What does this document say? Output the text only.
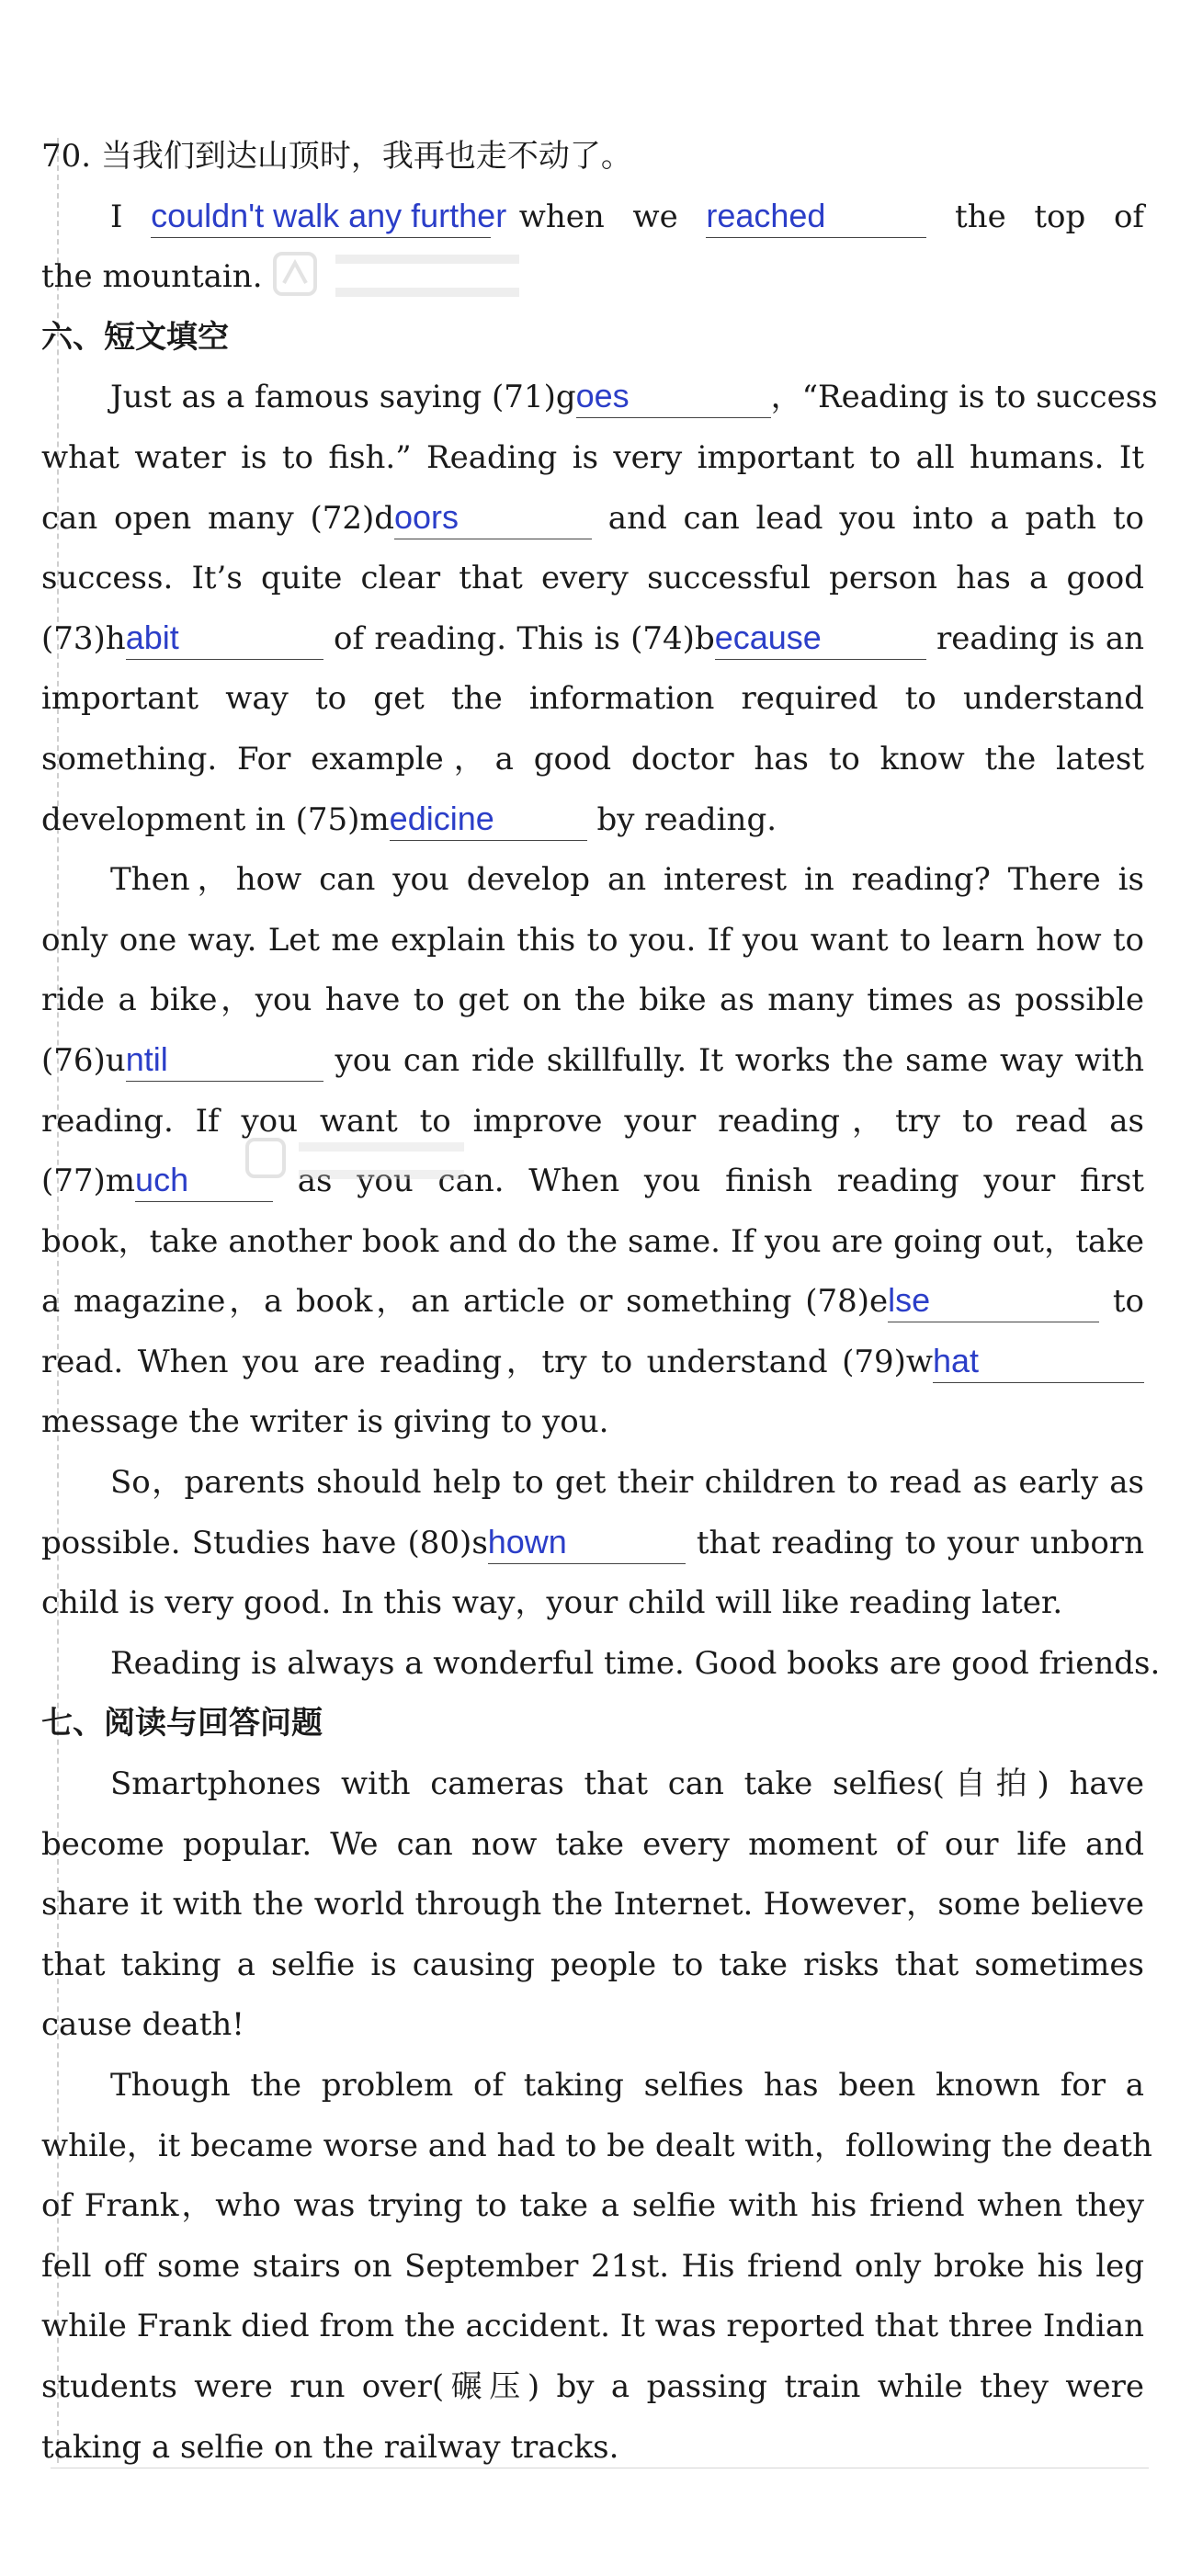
70. 当我们到达山顶时，我再也走不动了。
I couldn't walk any further when we reached	the top of
the mountain.
六、短文填空
Just as a famous saying (71)goes	，“Reading is to success
what water is to fish.” Reading is very important to all humans. It
can open many (72)doors	and can lead you into a path to
success. It’s quite clear that every successful person has a good
(73)habit	of reading. This is (74)because	reading is an
important way to get the information required to understand
something. For example，a good doctor has to know the latest
development in (75)medicine	by reading.
Then，how can you develop an interest in reading? There is
only one way. Let me explain this to you. If you want to learn how to
ride a bike，you have to get on the bike as many times as possible
(76)until	you can ride skillfully. It works the same way with
reading. If you want to improve your reading，try to read as
(77)much	as you can. When you finish reading your first
book，take another book and do the same. If you are going out，take
a magazine，a book，an article or something (78)else	to
read. When you are reading，try to understand (79)what
message the writer is giving to you.
So，parents should help to get their children to read as early as
possible. Studies have (80)shown	that reading to your unborn
child is very good. In this way，your child will like reading later.
Reading is always a wonderful time. Good books are good friends.
七、阅读与回答问题
Smartphones with cameras that can take selfies(自拍) have
become popular. We can now take every moment of our life and
share it with the world through the Internet. However，some believe
that taking a selfie is causing people to take risks that sometimes
cause death!
Though the problem of taking selfies has been known for a
while，it became worse and had to be dealt with，following the death
of Frank，who was trying to take a selfie with his friend when they
fell off some stairs on September 21st. His friend only broke his leg
while Frank died from the accident. It was reported that three Indian
students were run over(碾压) by a passing train while they were
taking a selfie on the railway tracks.
